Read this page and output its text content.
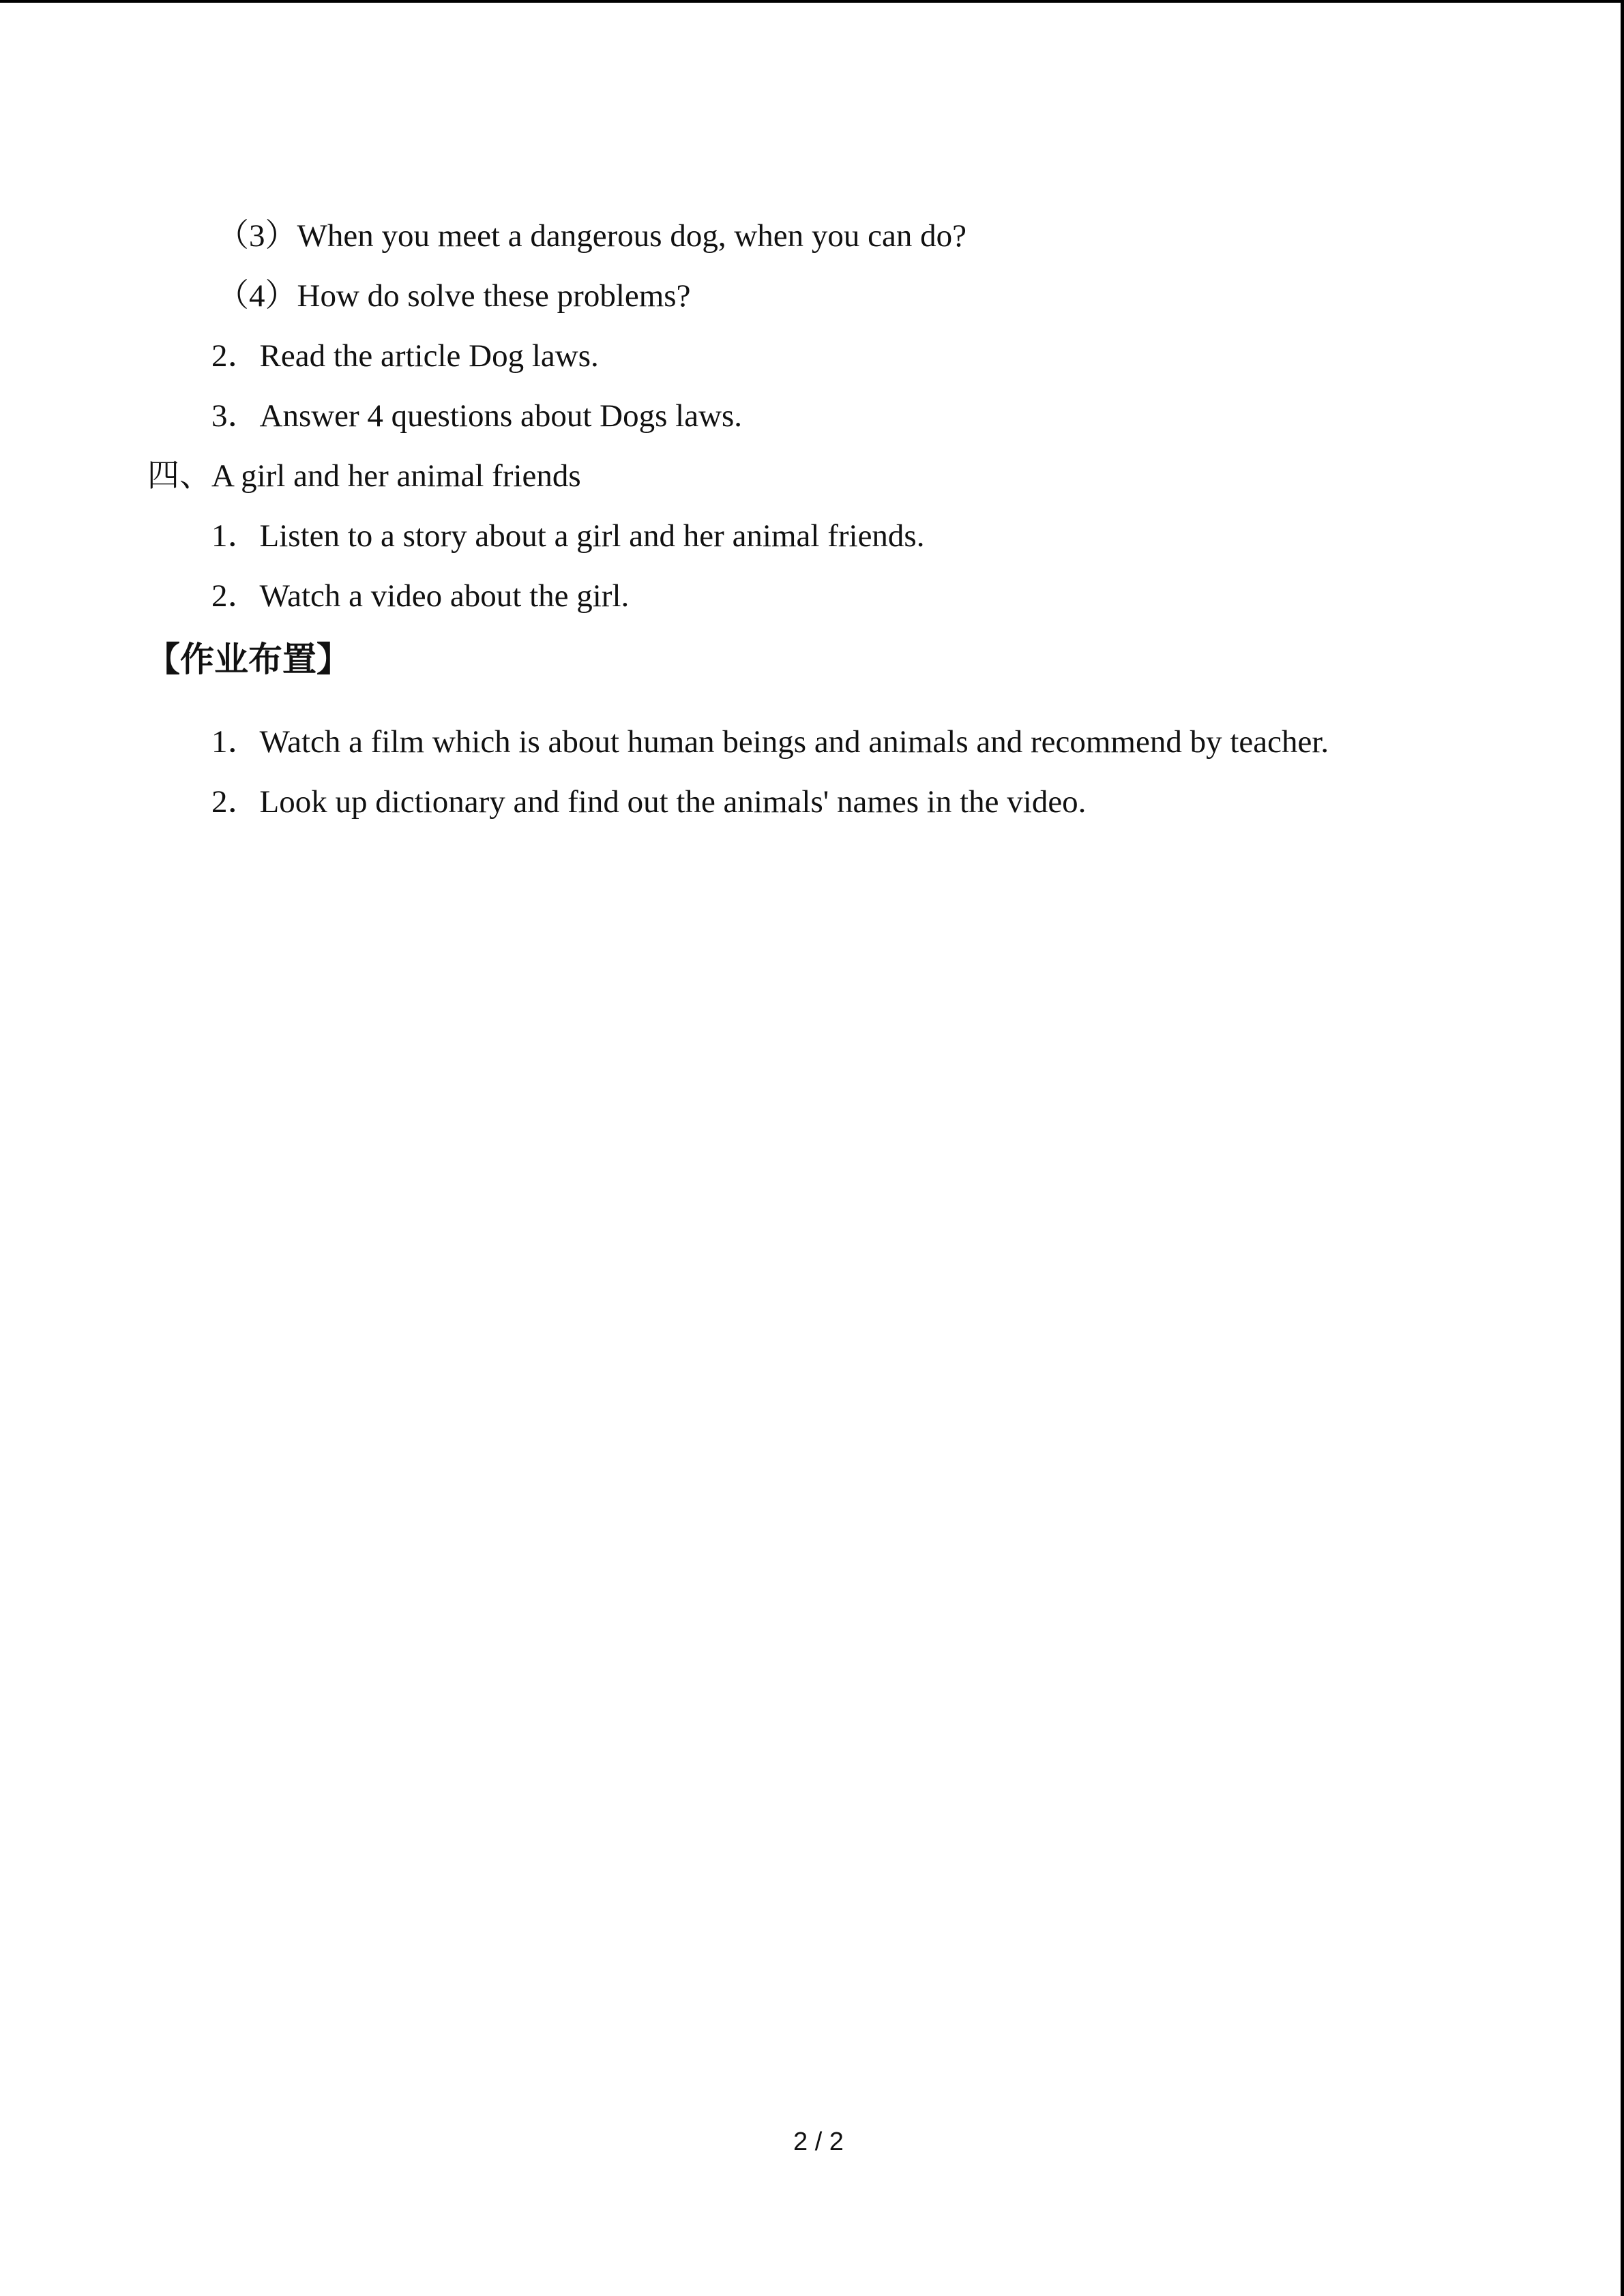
（3）When you meet a dangerous dog, when you can do?
（4）How do solve these problems?
2．Read the article Dog laws.
3．Answer 4 questions about Dogs laws.
四、A girl and her animal friends
1．Listen to a story about a girl and her animal friends.
2．Watch a video about the girl.
【作业布置】
1．Watch a film which is about human beings and animals and recommend by teacher.
2．Look up dictionary and find out the animals' names in the video.
2 / 2
